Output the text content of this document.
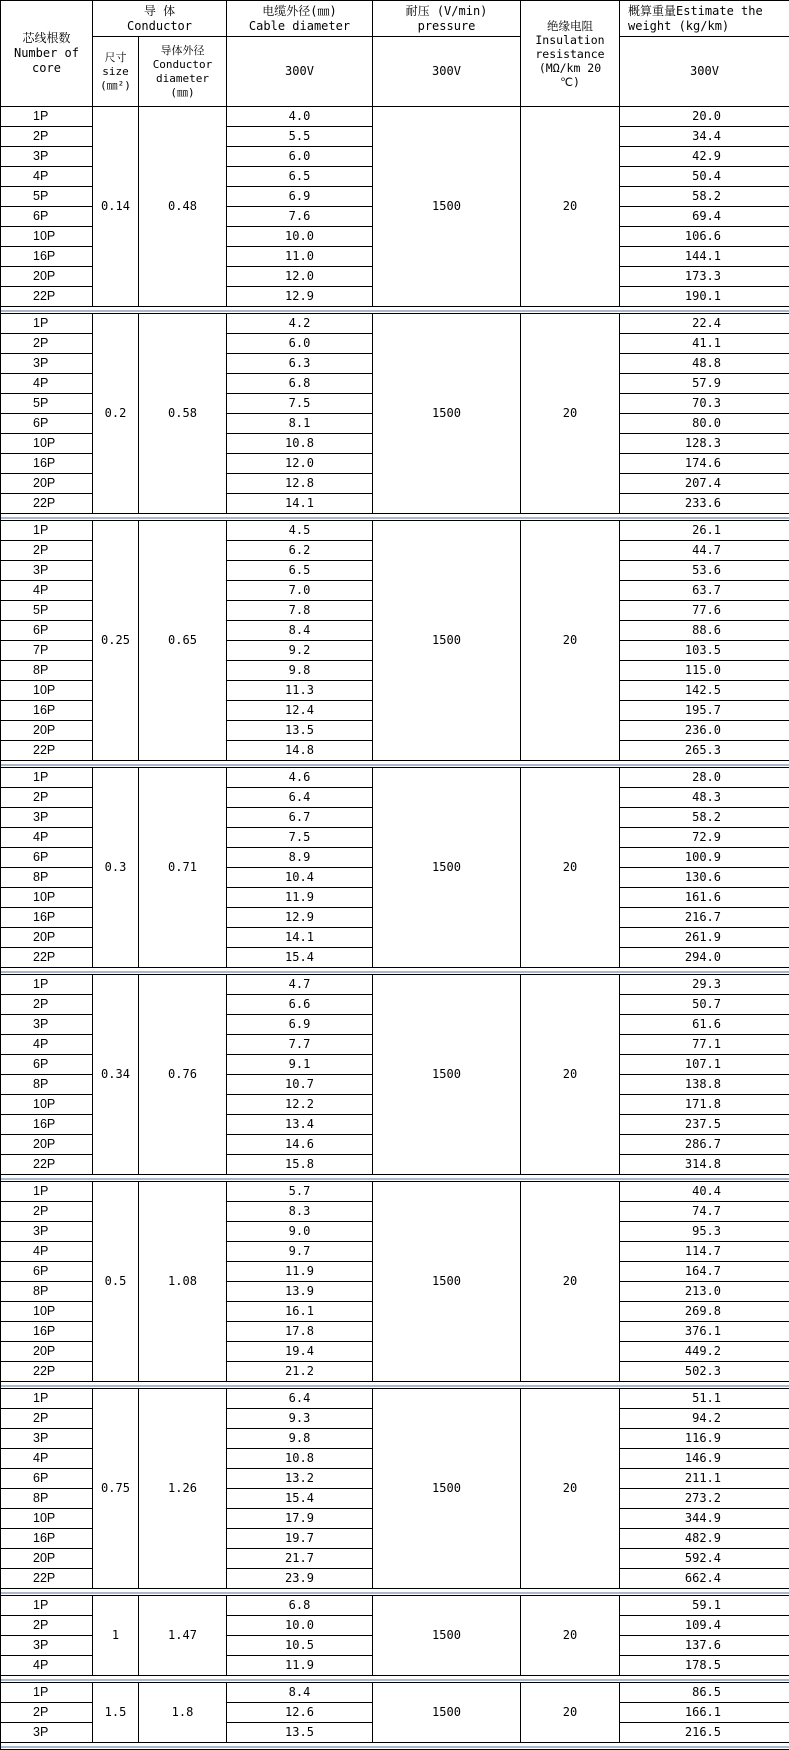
芯线根数
Number of
core	导 体
Conductor		电缆外径(㎜)
Cable diameter	耐压 (V/min)
pressure	绝缘电阻
Insulation
resistance
(MΩ/km 20
℃)	概算重量Estimate the
weight (kg/km)
	尺寸
size
(㎜²)	导体外径
Conductor
diameter
(㎜)	300V	300V		300V
1P	0.14	0.48	4.0	1500	20	20.0
2P			5.5			34.4
3P			6.0			42.9
4P			6.5			50.4
5P			6.9			58.2
6P			7.6			69.4
10P			10.0			106.6
16P			11.0			144.1
20P			12.0			173.3
22P			12.9			190.1

1P	0.2	0.58	4.2	1500	20	22.4
2P			6.0			41.1
3P			6.3			48.8
4P			6.8			57.9
5P			7.5			70.3
6P			8.1			80.0
10P			10.8			128.3
16P			12.0			174.6
20P			12.8			207.4
22P			14.1			233.6

1P	0.25	0.65	4.5	1500	20	26.1
2P			6.2			44.7
3P			6.5			53.6
4P			7.0			63.7
5P			7.8			77.6
6P			8.4			88.6
7P			9.2			103.5
8P			9.8			115.0
10P			11.3			142.5
16P			12.4			195.7
20P			13.5			236.0
22P			14.8			265.3

1P	0.3	0.71	4.6	1500	20	28.0
2P			6.4			48.3
3P			6.7			58.2
4P			7.5			72.9
6P			8.9			100.9
8P			10.4			130.6
10P			11.9			161.6
16P			12.9			216.7
20P			14.1			261.9
22P			15.4			294.0

1P	0.34	0.76	4.7	1500	20	29.3
2P			6.6			50.7
3P			6.9			61.6
4P			7.7			77.1
6P			9.1			107.1
8P			10.7			138.8
10P			12.2			171.8
16P			13.4			237.5
20P			14.6			286.7
22P			15.8			314.8

1P	0.5	1.08	5.7	1500	20	40.4
2P			8.3			74.7
3P			9.0			95.3
4P			9.7			114.7
6P			11.9			164.7
8P			13.9			213.0
10P			16.1			269.8
16P			17.8			376.1
20P			19.4			449.2
22P			21.2			502.3

1P	0.75	1.26	6.4	1500	20	51.1
2P			9.3			94.2
3P			9.8			116.9
4P			10.8			146.9
6P			13.2			211.1
8P			15.4			273.2
10P			17.9			344.9
16P			19.7			482.9
20P			21.7			592.4
22P			23.9			662.4

1P	1	1.47	6.8	1500	20	59.1
2P			10.0			109.4
3P			10.5			137.6
4P			11.9			178.5

1P	1.5	1.8	8.4	1500	20	86.5
2P			12.6			166.1
3P			13.5			216.5
